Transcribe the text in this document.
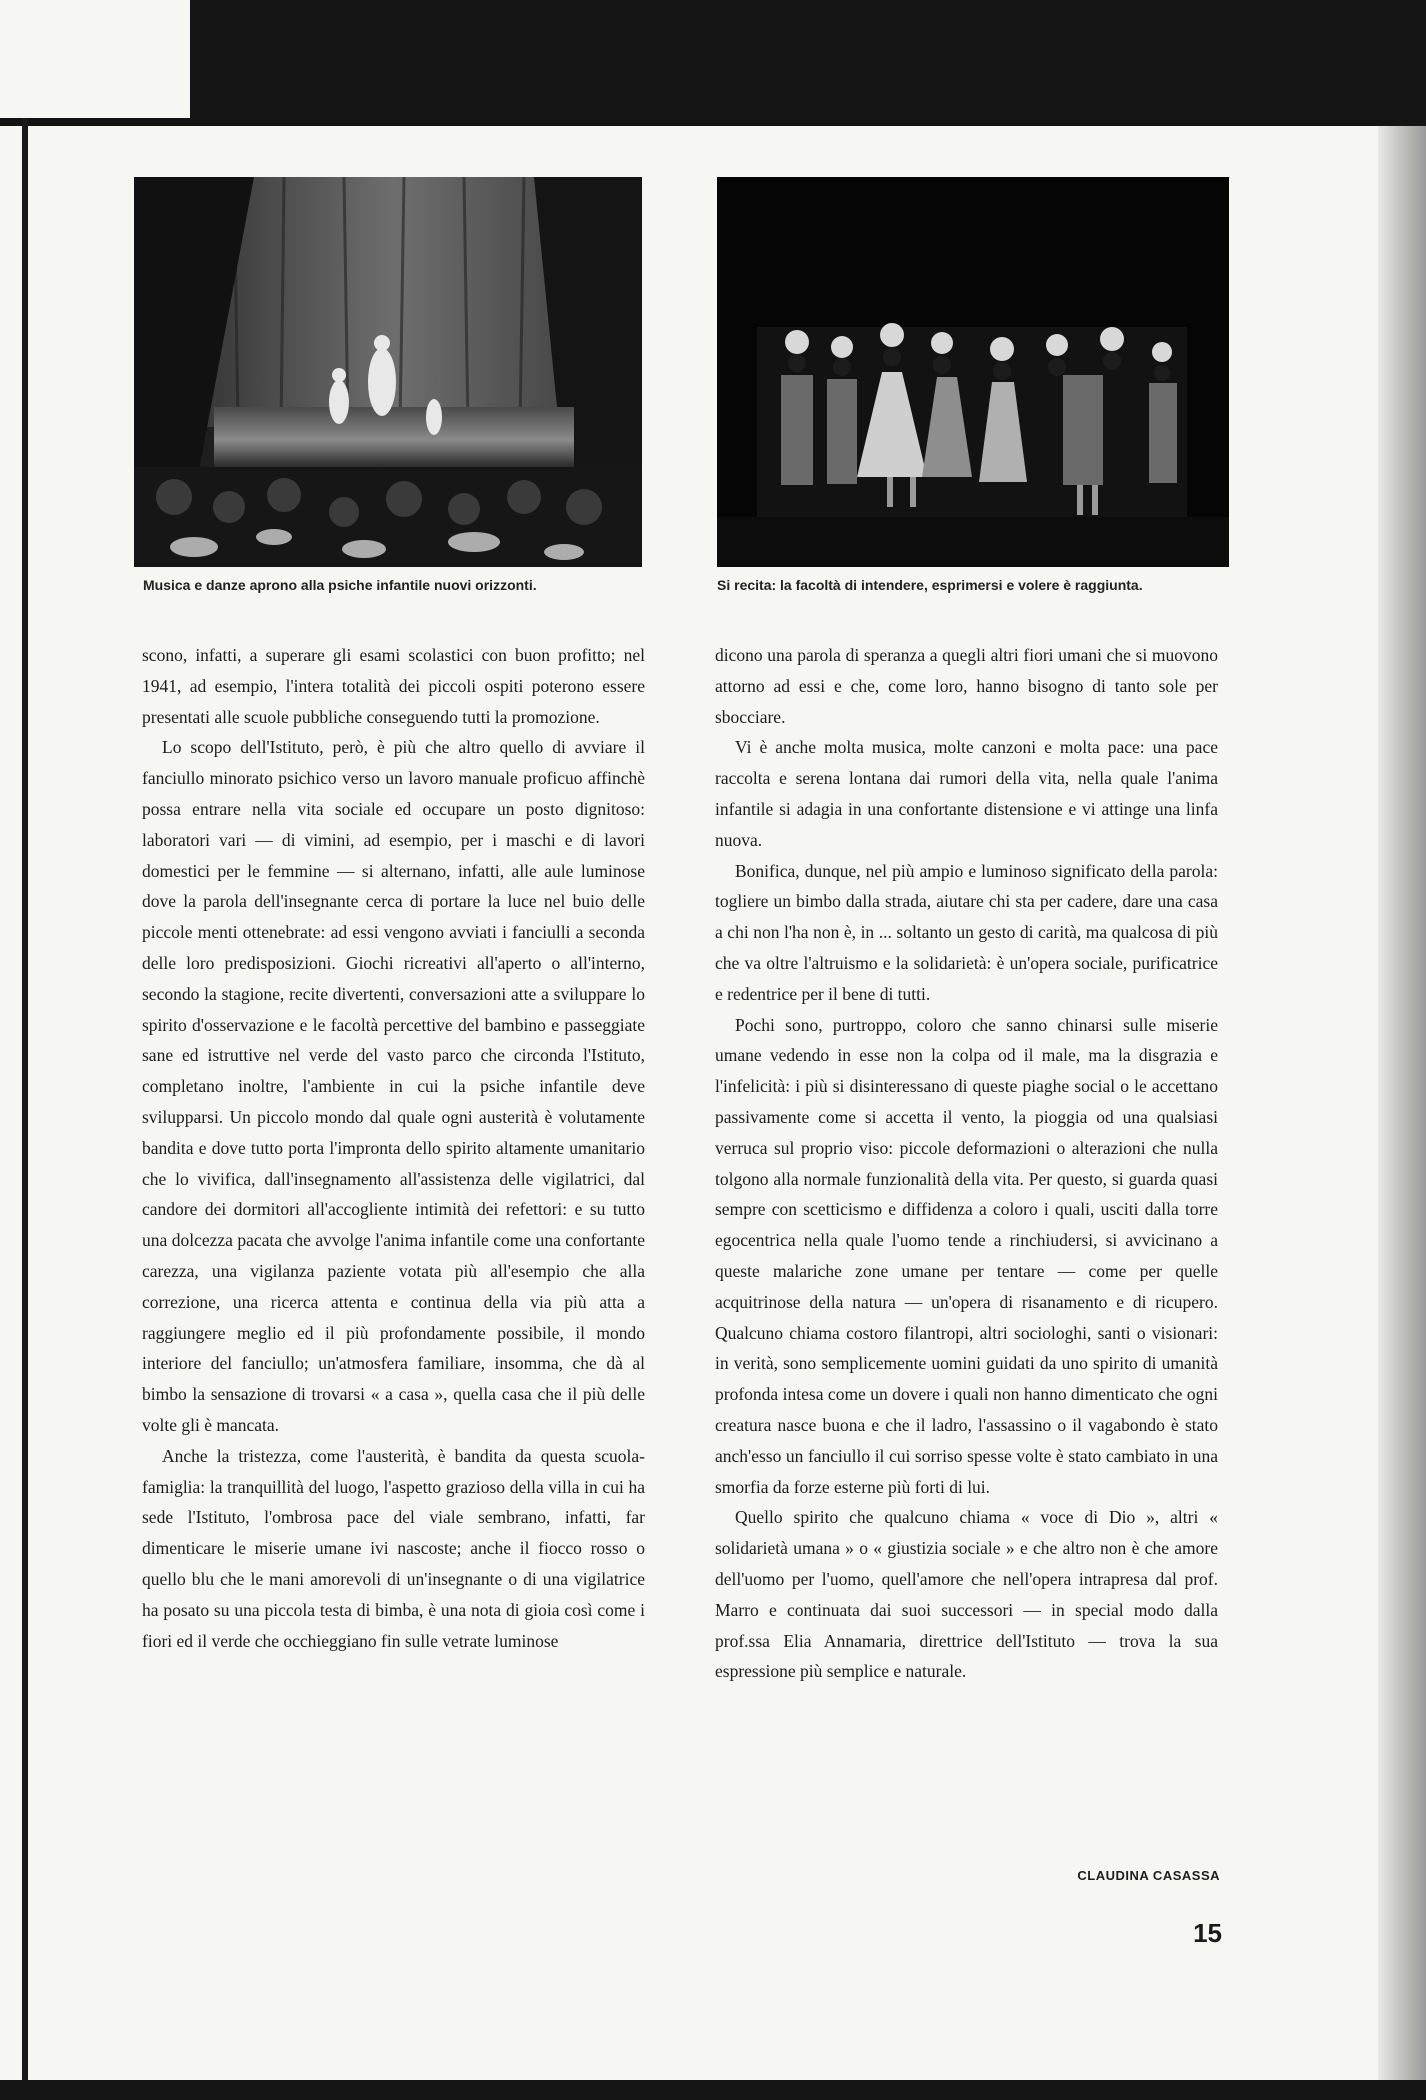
Musica e danze aprono alla psiche infantile nuovi orizzonti.	Si recita: la facoltà di intendere, esprimersi e volere è raggiunta.

scono, infatti, a superare gli esami scolastici con buon profitto; nel 1941, ad esempio, l'intera totalità dei piccoli ospiti poterono essere presentati alle scuole pubbliche conseguendo tutti la promozione.

Lo scopo dell'Istituto, però, è più che altro quello di avviare il fanciullo minorato psichico verso un lavoro manuale proficuo affinchè possa entrare nella vita sociale ed occupare un posto dignitoso: laboratori vari — di vimini, ad esempio, per i maschi e di lavori domestici per le femmine — si alternano, infatti, alle aule luminose dove la parola dell'insegnante cerca di portare la luce nel buio delle piccole menti ottenebrate: ad essi vengono avviati i fanciulli a seconda delle loro predisposizioni. Giochi ricreativi all'aperto o all'interno, secondo la stagione, recite divertenti, conversazioni atte a sviluppare lo spirito d'osservazione e le facoltà percettive del bambino e passeggiate sane ed istruttive nel verde del vasto parco che circonda l'Istituto, completano inoltre, l'ambiente in cui la psiche infantile deve svilupparsi. Un piccolo mondo dal quale ogni austerità è volutamente bandita e dove tutto porta l'impronta dello spirito altamente umanitario che lo vivifica, dall'insegnamento all'assistenza delle vigilatrici, dal candore dei dormitori all'accogliente intimità dei refettori: e su tutto una dolcezza pacata che avvolge l'anima infantile come una confortante carezza, una vigilanza paziente votata più all'esempio che alla correzione, una ricerca attenta e continua della via più atta a raggiungere meglio ed il più profondamente possibile, il mondo interiore del fanciullo; un'atmosfera familiare, insomma, che dà al bimbo la sensazione di trovarsi « a casa », quella casa che il più delle volte gli è mancata.

Anche la tristezza, come l'austerità, è bandita da questa scuola-famiglia: la tranquillità del luogo, l'aspetto grazioso della villa in cui ha sede l'Istituto, l'ombrosa pace del viale sembrano, infatti, far dimenticare le miserie umane ivi nascoste; anche il fiocco rosso o quello blu che le mani amorevoli di un'insegnante o di una vigilatrice ha posato su una piccola testa di bimba, è una nota di gioia così come i fiori ed il verde che occhieggiano fin sulle vetrate luminose

dicono una parola di speranza a quegli altri fiori umani che si muovono attorno ad essi e che, come loro, hanno bisogno di tanto sole per sbocciare.

Vi è anche molta musica, molte canzoni e molta pace: una pace raccolta e serena lontana dai rumori della vita, nella quale l'anima infantile si adagia in una confortante distensione e vi attinge una linfa nuova.

Bonifica, dunque, nel più ampio e luminoso significato della parola: togliere un bimbo dalla strada, aiutare chi sta per cadere, dare una casa a chi non l'ha non è, in ... soltanto un gesto di carità, ma qualcosa di più che va oltre l'altruismo e la solidarietà: è un'opera sociale, purificatrice e redentrice per il bene di tutti.

Pochi sono, purtroppo, coloro che sanno chinarsi sulle miserie umane vedendo in esse non la colpa od il male, ma la disgrazia e l'infelicità: i più si disinteressano di queste piaghe social o le accettano passivamente come si accetta il vento, la pioggia od una qualsiasi verruca sul proprio viso: piccole deformazioni o alterazioni che nulla tolgono alla normale funzionalità della vita. Per questo, si guarda quasi sempre con scetticismo e diffidenza a coloro i quali, usciti dalla torre egocentrica nella quale l'uomo tende a rinchiudersi, si avvicinano a queste malariche zone umane per tentare — come per quelle acquitrinose della natura — un'opera di risanamento e di ricupero. Qualcuno chiama costoro filantropi, altri sociologhi, santi o visionari: in verità, sono semplicemente uomini guidati da uno spirito di umanità profonda intesa come un dovere i quali non hanno dimenticato che ogni creatura nasce buona e che il ladro, l'assassino o il vagabondo è stato anch'esso un fanciullo il cui sorriso spesse volte è stato cambiato in una smorfia da forze esterne più forti di lui.

Quello spirito che qualcuno chiama « voce di Dio », altri « solidarietà umana » o « giustizia sociale » e che altro non è che amore dell'uomo per l'uomo, quell'amore che nell'opera intrapresa dal prof. Marro e continuata dai suoi successori — in special modo dalla prof.ssa Elia Annamaria, direttrice dell'Istituto — trova la sua espressione più semplice e naturale.

CLAUDINA CASASSA
15
